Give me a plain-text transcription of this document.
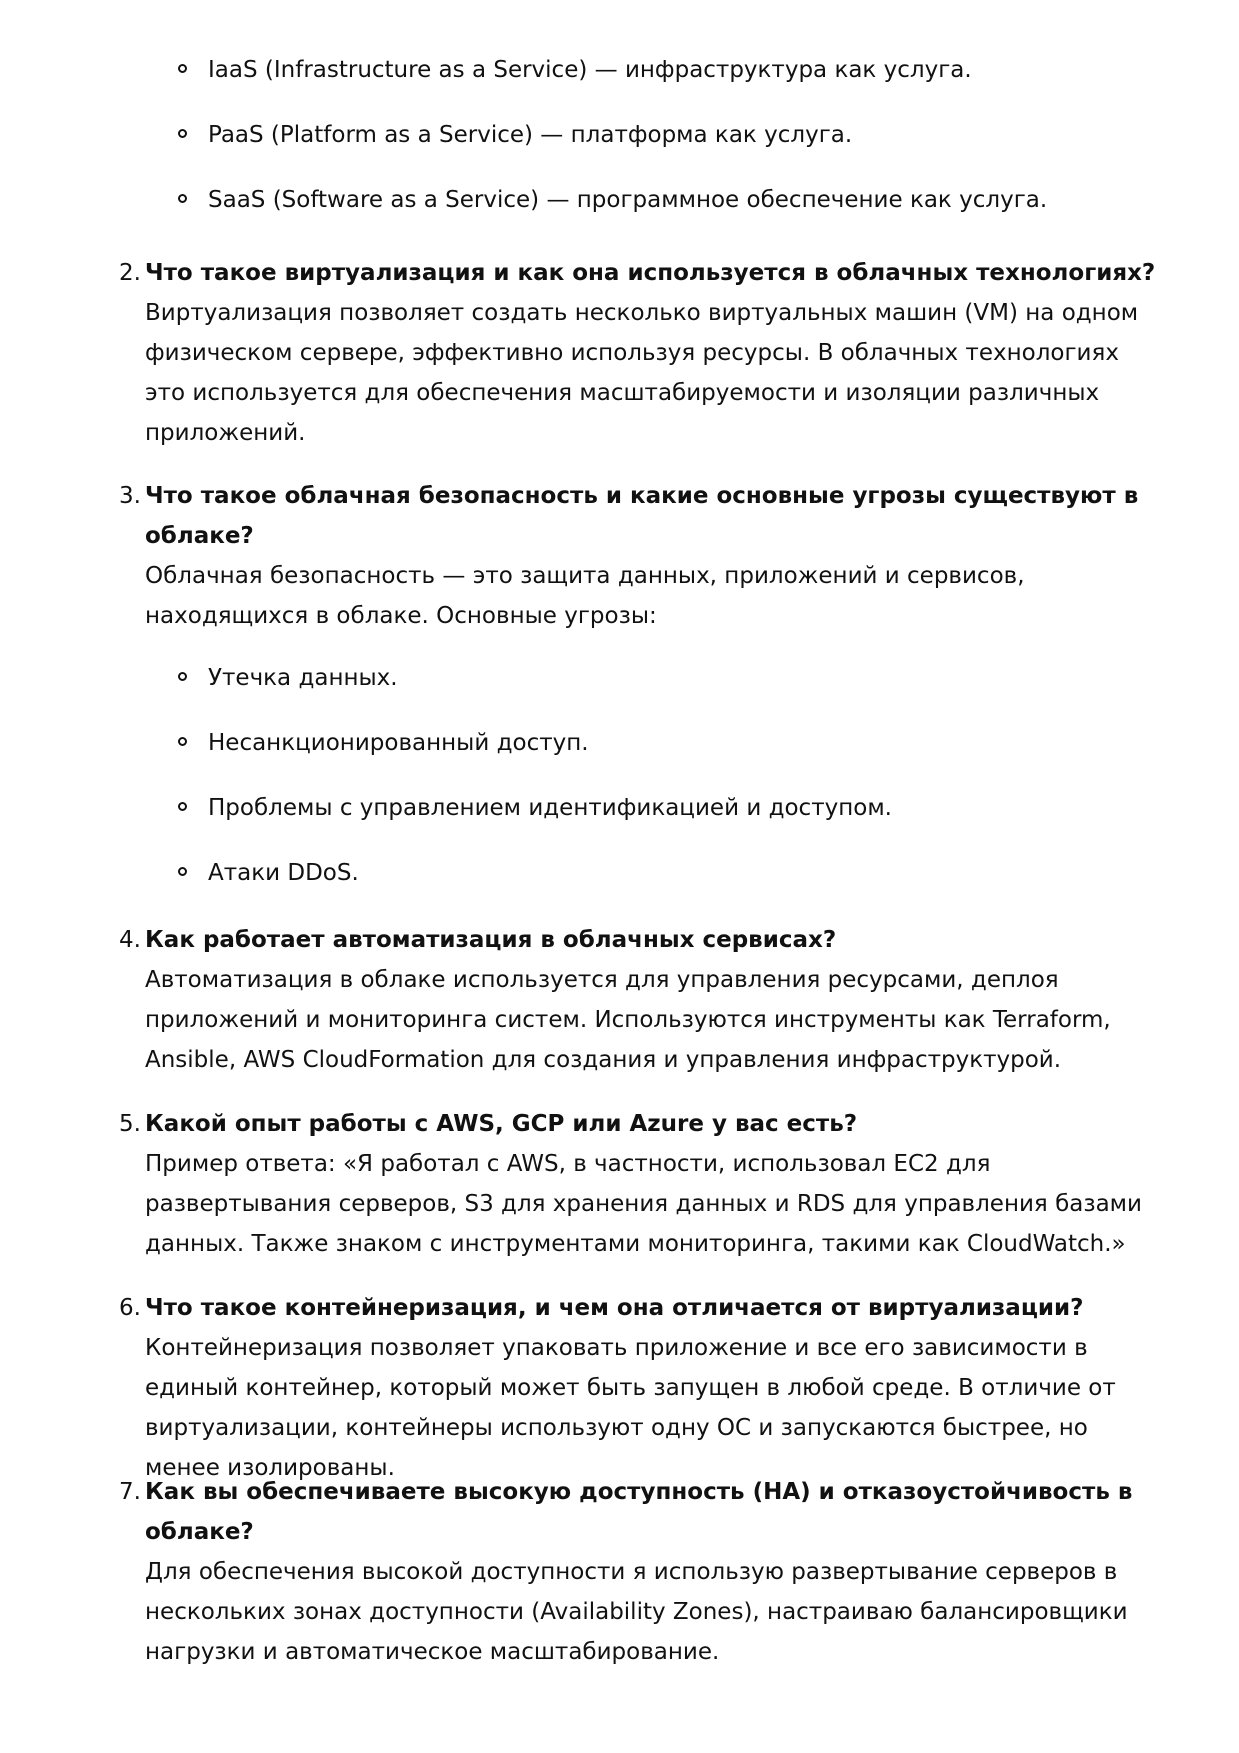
IaaS (Infrastructure as a Service) — инфраструктура как услуга.
PaaS (Platform as a Service) — платформа как услуга.
SaaS (Software as a Service) — программное обеспечение как услуга.
2. Что такое виртуализация и как она используется в облачных технологиях?
Виртуализация позволяет создать несколько виртуальных машин (VM) на одном физическом сервере, эффективно используя ресурсы. В облачных технологиях это используется для обеспечения масштабируемости и изоляции различных приложений.
3. Что такое облачная безопасность и какие основные угрозы существуют в облаке?
Облачная безопасность — это защита данных, приложений и сервисов, находящихся в облаке. Основные угрозы:
Утечка данных.
Несанкционированный доступ.
Проблемы с управлением идентификацией и доступом.
Атаки DDoS.
4. Как работает автоматизация в облачных сервисах?
Автоматизация в облаке используется для управления ресурсами, деплоя приложений и мониторинга систем. Используются инструменты как Terraform, Ansible, AWS CloudFormation для создания и управления инфраструктурой.
5. Какой опыт работы с AWS, GCP или Azure у вас есть?
Пример ответа: «Я работал с AWS, в частности, использовал EC2 для развертывания серверов, S3 для хранения данных и RDS для управления базами данных. Также знаком с инструментами мониторинга, такими как CloudWatch.»
6. Что такое контейнеризация, и чем она отличается от виртуализации?
Контейнеризация позволяет упаковать приложение и все его зависимости в единый контейнер, который может быть запущен в любой среде. В отличие от виртуализации, контейнеры используют одну ОС и запускаются быстрее, но менее изолированы.
7. Как вы обеспечиваете высокую доступность (HA) и отказоустойчивость в облаке?
Для обеспечения высокой доступности я использую развертывание серверов в нескольких зонах доступности (Availability Zones), настраиваю балансировщики нагрузки и автоматическое масштабирование.
